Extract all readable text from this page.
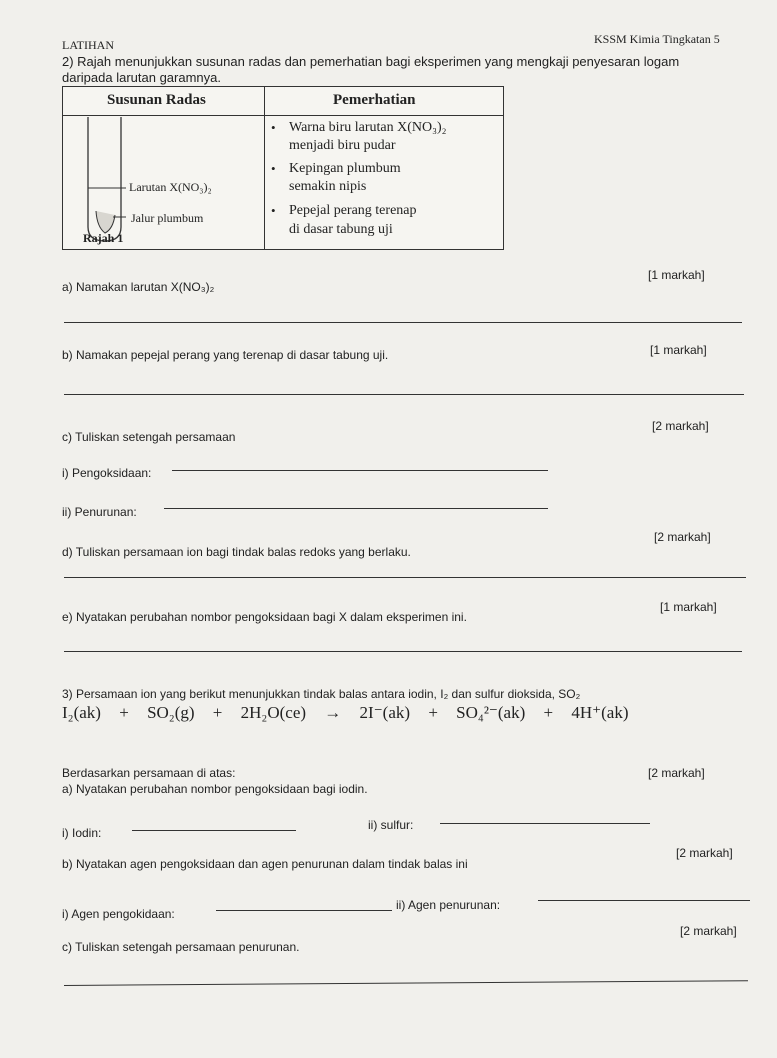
LATIHAN	KSSM Kimia Tingkatan 5
2) Rajah menunjukkan susunan radas dan pemerhatian bagi eksperimen yang mengkaji penyesaran logam
daripada larutan garamnya.
Susunan Radas	Pemerhatian
Larutan X(NO₃)₂
Jalur plumbum
Rajah 1
• Warna biru larutan X(NO₃)₂
menjadi biru pudar
• Kepingan plumbum
semakin nipis
• Pepejal perang terenap
di dasar tabung uji
a) Namakan larutan X(NO₃)₂
[1 markah]
b) Namakan pepejal perang yang terenap di dasar tabung uji.	[1 markah]
c) Tuliskan setengah persamaan
[2 markah]
i) Pengoksidaan:
ii) Penurunan:
d) Tuliskan persamaan ion bagi tindak balas redoks yang berlaku.
[2 markah]
e) Nyatakan perubahan nombor pengoksidaan bagi X dalam eksperimen ini.
[1 markah]
3) Persamaan ion yang berikut menunjukkan tindak balas antara iodin, I₂ dan sulfur dioksida, SO₂
I₂(ak) + SO₂(g) + 2H₂O(ce) → 2I⁻(ak) + SO₄²⁻(ak) + 4H⁺(ak)
Berdasarkan persamaan di atas:
a) Nyatakan perubahan nombor pengoksidaan bagi iodin.
[2 markah]
i) Iodin:
ii) sulfur:
b) Nyatakan agen pengoksidaan dan agen penurunan dalam tindak balas ini
[2 markah]
i) Agen pengokidaan:
ii) Agen penurunan:
c) Tuliskan setengah persamaan penurunan.
[2 markah]
